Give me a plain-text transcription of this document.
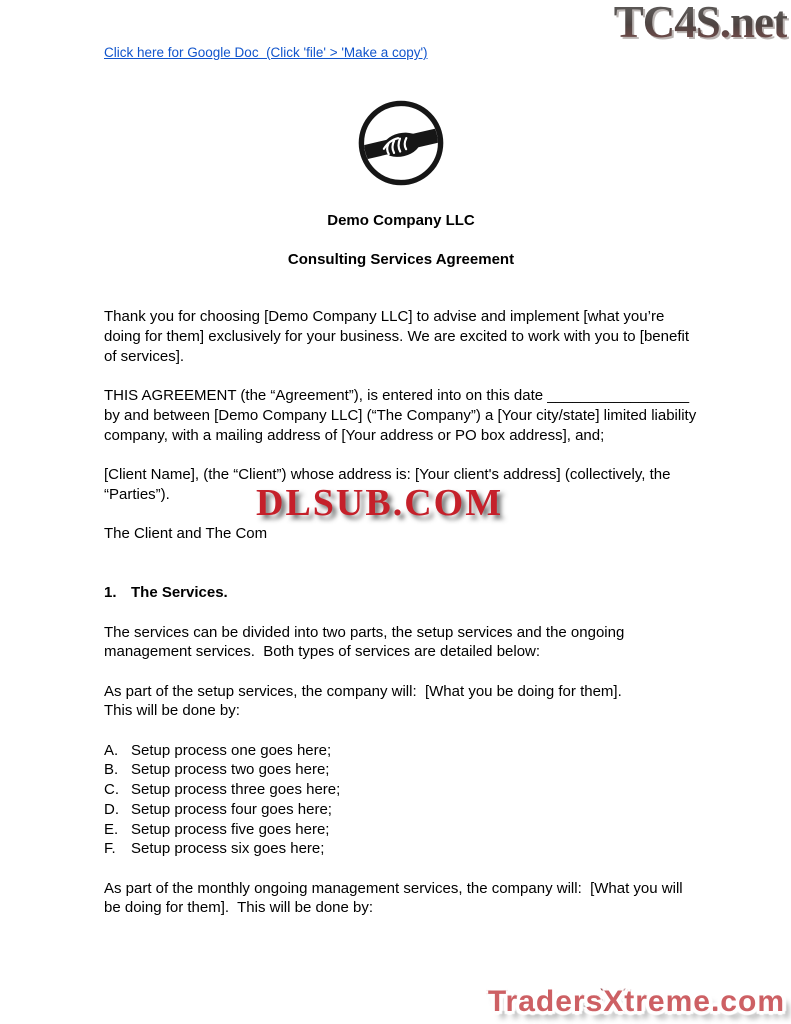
TC4S.net
Click here for Google Doc  (Click 'file' > 'Make a copy')
Demo Company LLC
Consulting Services Agreement

Thank you for choosing [Demo Company LLC] to advise and implement [what you’re doing for them] exclusively for your business. We are excited to work with you to [benefit of services].

THIS AGREEMENT (the “Agreement”), is entered into on this date _________________
by and between [Demo Company LLC] (“The Company”) a [Your city/state] limited liability company, with a mailing address of [Your address or PO box address], and;

[Client Name], (the “Client”) whose address is: [Your client's address] (collectively, the “Parties”).

The Client and The Com

1. The Services.

The services can be divided into two parts, the setup services and the ongoing management services.  Both types of services are detailed below:

As part of the setup services, the company will:  [What you be doing for them].
This will be done by:

A. Setup process one goes here;
B. Setup process two goes here;
C. Setup process three goes here;
D. Setup process four goes here;
E. Setup process five goes here;
F. Setup process six goes here;

As part of the monthly ongoing management services, the company will:  [What you will be doing for them].  This will be done by:

DLSUB.COM
TradersXtreme.com
